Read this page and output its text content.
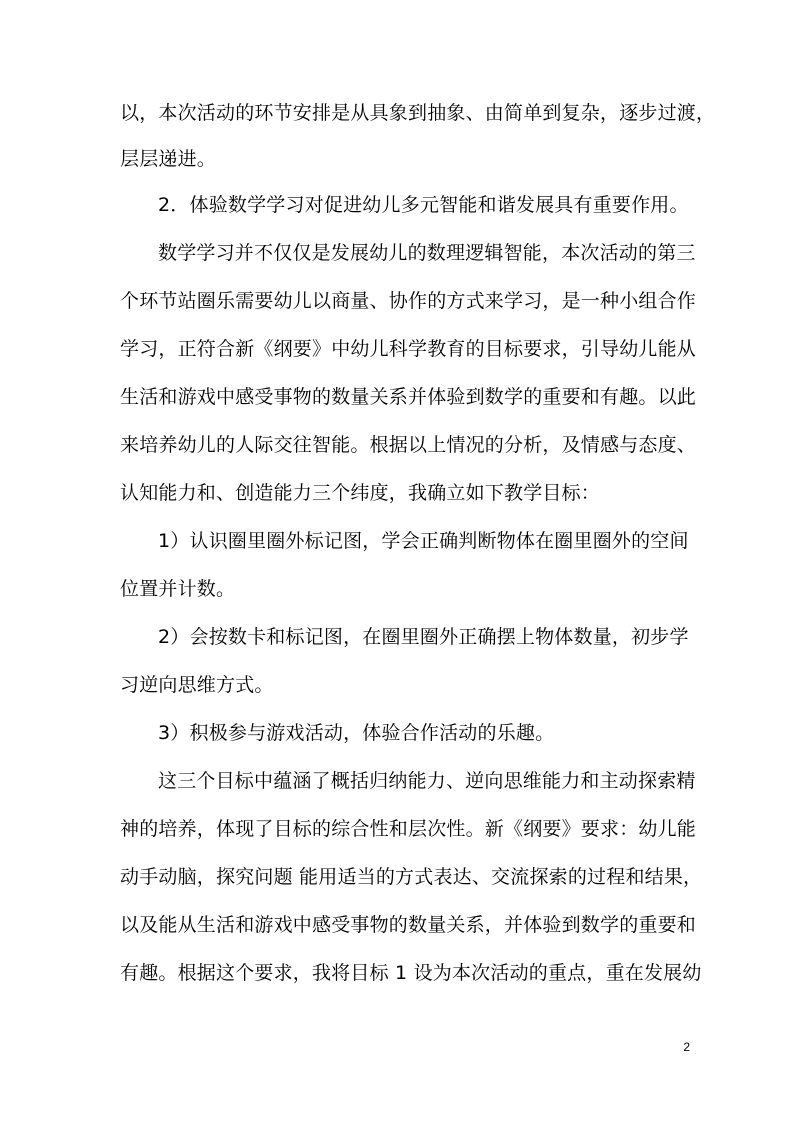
以，本次活动的环节安排是从具象到抽象、由简单到复杂，逐步过渡，
层层递进。
2．体验数学学习对促进幼儿多元智能和谐发展具有重要作用。
数学学习并不仅仅是发展幼儿的数理逻辑智能，本次活动的第三
个环节站圈乐需要幼儿以商量、协作的方式来学习，是一种小组合作
学习，正符合新《纲要》中幼儿科学教育的目标要求，引导幼儿能从
生活和游戏中感受事物的数量关系并体验到数学的重要和有趣。以此
来培养幼儿的人际交往智能。根据以上情况的分析，及情感与态度、
认知能力和、创造能力三个纬度，我确立如下教学目标：
1）认识圈里圈外标记图，学会正确判断物体在圈里圈外的空间
位置并计数。
2）会按数卡和标记图，在圈里圈外正确摆上物体数量，初步学
习逆向思维方式。
3）积极参与游戏活动，体验合作活动的乐趣。
这三个目标中蕴涵了概括归纳能力、逆向思维能力和主动探索精
神的培养，体现了目标的综合性和层次性。新《纲要》要求：幼儿能
动手动脑，探究问题 能用适当的方式表达、交流探索的过程和结果，
以及能从生活和游戏中感受事物的数量关系，并体验到数学的重要和
有趣。根据这个要求，我将目标 1 设为本次活动的重点，重在发展幼
2
